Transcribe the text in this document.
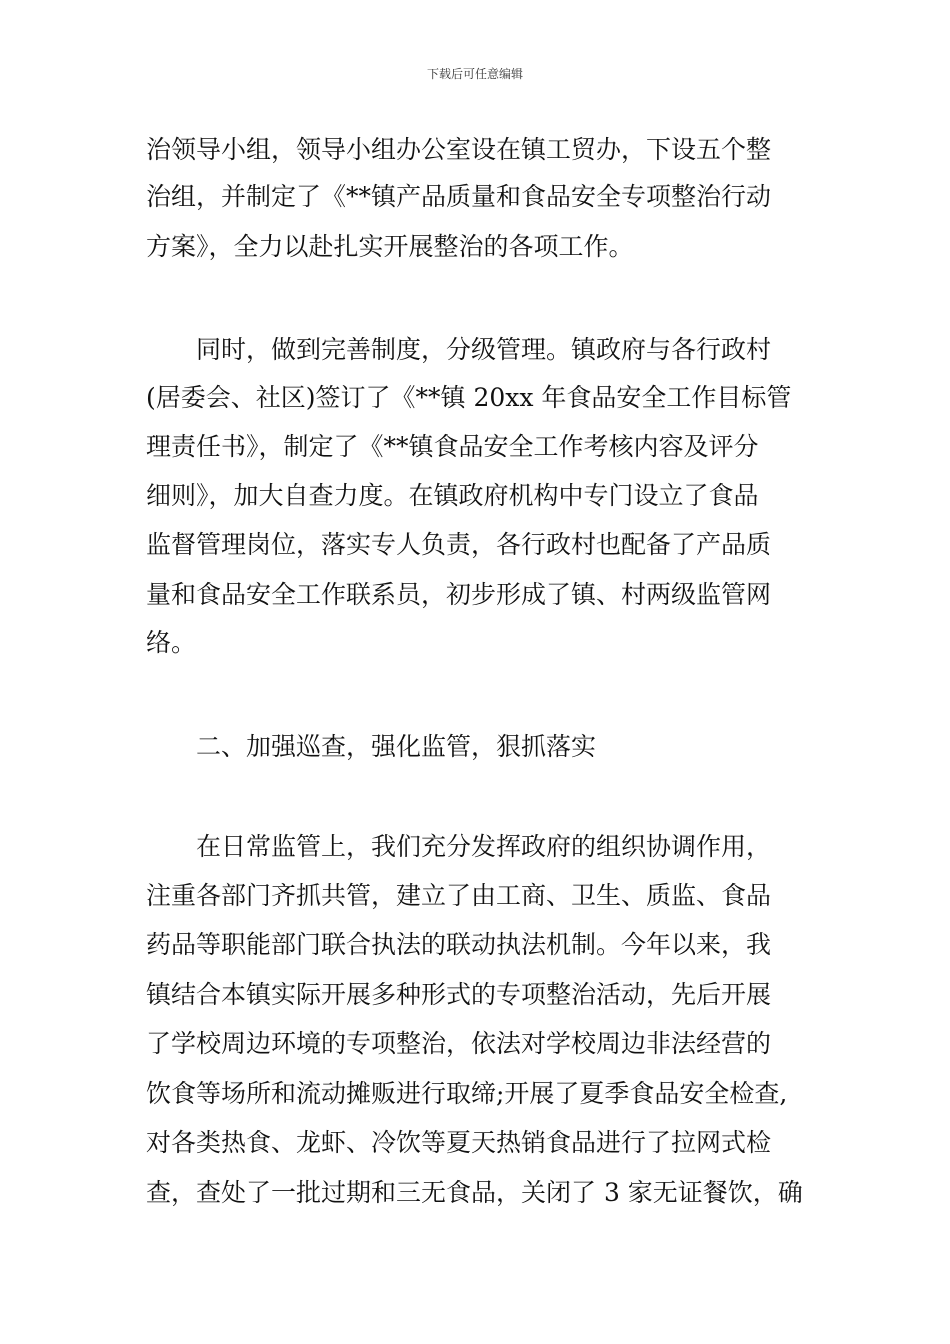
下载后可任意编辑
治领导小组，领导小组办公室设在镇工贸办，下设五个整
治组，并制定了《**镇产品质量和食品安全专项整治行动
方案》，全力以赴扎实开展整治的各项工作。
同时，做到完善制度，分级管理。镇政府与各行政村
(居委会、社区)签订了《**镇 20xx 年食品安全工作目标管
理责任书》，制定了《**镇食品安全工作考核内容及评分
细则》，加大自查力度。在镇政府机构中专门设立了食品
监督管理岗位，落实专人负责，各行政村也配备了产品质
量和食品安全工作联系员，初步形成了镇、村两级监管网
络。
二、加强巡查，强化监管，狠抓落实
在日常监管上，我们充分发挥政府的组织协调作用，
注重各部门齐抓共管，建立了由工商、卫生、质监、食品
药品等职能部门联合执法的联动执法机制。今年以来，我
镇结合本镇实际开展多种形式的专项整治活动，先后开展
了学校周边环境的专项整治，依法对学校周边非法经营的
饮食等场所和流动摊贩进行取缔;开展了夏季食品安全检查,
对各类热食、龙虾、冷饮等夏天热销食品进行了拉网式检
查，查处了一批过期和三无食品，关闭了 3 家无证餐饮，确
